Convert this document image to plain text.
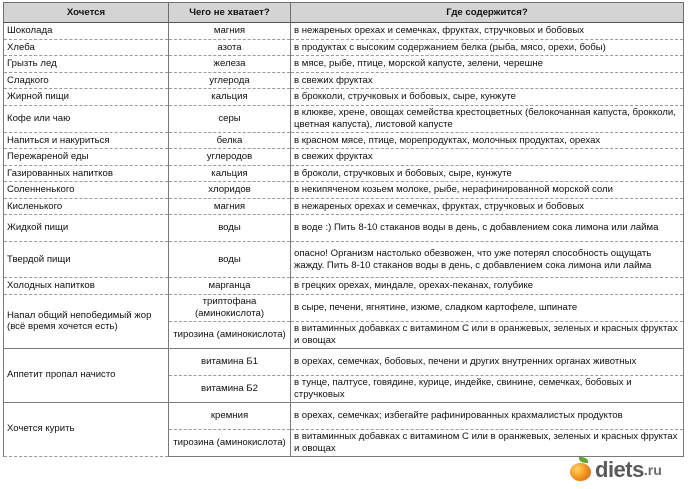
Хочется	Чего не хватает?	Где содержится?
Шоколада	магния	в нежареных орехах и семечках, фруктах, стручковых и бобовых
Хлеба	азота	в продуктах с высоким содержанием белка (рыба, мясо, орехи, бобы)
Грызть лед	железа	в мясе, рыбе, птице, морской капусте, зелени, черешне
Сладкого	углерода	в свежих фруктах
Жирной пищи	кальция	в брокколи, стручковых и бобовых, сыре, кунжуте
Кофе или чаю	серы	в клюкве, хрене, овощах семейства крестоцветных (белокочанная капуста, брокколи, цветная капуста), листовой капусте
Напиться и накуриться	белка	в красном мясе, птице, морепродуктах, молочных продуктах, орехах
Пережареной еды	углеродов	в свежих фруктах
Газированных напитков	кальция	в броколи, стручковых и бобовых, сыре, кунжуте
Соленненького	хлоридов	в некипяченом козьем молоке, рыбе, нерафинированной морской соли
Кисленького	магния	в нежареных орехах и семечках, фруктах, стручковых и бобовых
Жидкой пищи	воды	в воде :) Пить 8-10 стаканов воды в день, с добавлением сока лимона или лайма
Твердой пищи	воды	опасно! Организм настолько обезвожен, что уже потерял способность ощущать жажду. Пить 8-10 стаканов воды в день, с добавлением сока лимона или лайма
Холодных напитков	марганца	в грецких орехах, миндале, орехах-пеканах, голубике
Напал общий непобедимый жор (всё время хочется есть)	триптофана (аминокислота)	в сыре, печени, ягнятине, изюме, сладком картофеле, шпинате
	тирозина (аминокислота)	в витаминных добавках с витамином С или в оранжевых, зеленых и красных фруктах и овощах
Аппетит пропал начисто	витамина Б1	в орехах, семечках, бобовых, печени и других внутренних органах животных
	витамина Б2	в тунце, палтусе, говядине, курице, индейке, свинине, семечках, бобовых и стручковых
Хочется курить	кремния	в орехах, семечках; избегайте рафинированных крахмалистых продуктов
	тирозина (аминокислота)	в витаминных добавках с витамином С или в оранжевых, зеленых и красных фруктах и овощах
diets .ru
